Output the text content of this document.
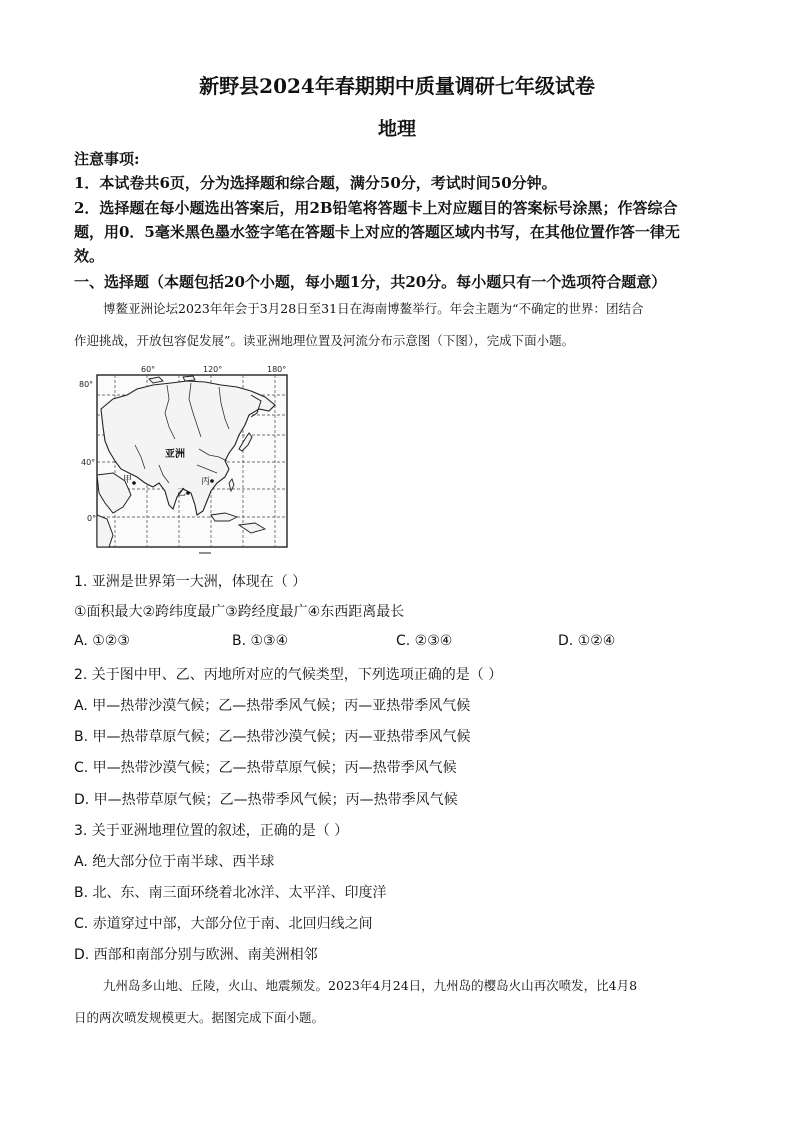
新野县2024年春期期中质量调研七年级试卷
地理
注意事项:
1．本试卷共6页，分为选择题和综合题，满分50分，考试时间50分钟。
2．选择题在每小题选出答案后，用2B铅笔将答题卡上对应题目的答案标号涂黑；作答综合
题，用0．5毫米黑色墨水签字笔在答题卡上对应的答题区域内书写，在其他位置作答一律无
效。
一、选择题（本题包括20个小题，每小题1分，共20分。每小题只有一个选项符合题意）
博鳌亚洲论坛2023年年会于3月28日至31日在海南博鳌举行。年会主题为“不确定的世界：团结合
作迎挑战，开放包容促发展”。读亚洲地理位置及河流分布示意图（下图），完成下面小题。
60°	120°	180°
80°
40°
0°
亚洲
甲
乙
丙
1. 亚洲是世界第一大洲，体现在（ ）
①面积最大②跨纬度最广③跨经度最广④东西距离最长
A. ①②③	B. ①③④	C. ②③④	D. ①②④
2. 关于图中甲、乙、丙地所对应的气候类型，下列选项正确的是（ ）
A. 甲—热带沙漠气候；乙—热带季风气候；丙—亚热带季风气候
B. 甲—热带草原气候；乙—热带沙漠气候；丙—亚热带季风气候
C. 甲—热带沙漠气候；乙—热带草原气候；丙—热带季风气候
D. 甲—热带草原气候；乙—热带季风气候；丙—热带季风气候
3. 关于亚洲地理位置的叙述，正确的是（ ）
A. 绝大部分位于南半球、西半球
B. 北、东、南三面环绕着北冰洋、太平洋、印度洋
C. 赤道穿过中部，大部分位于南、北回归线之间
D. 西部和南部分别与欧洲、南美洲相邻
九州岛多山地、丘陵，火山、地震频发。2023年4月24日，九州岛的樱岛火山再次喷发，比4月8
日的两次喷发规模更大。据图完成下面小题。
